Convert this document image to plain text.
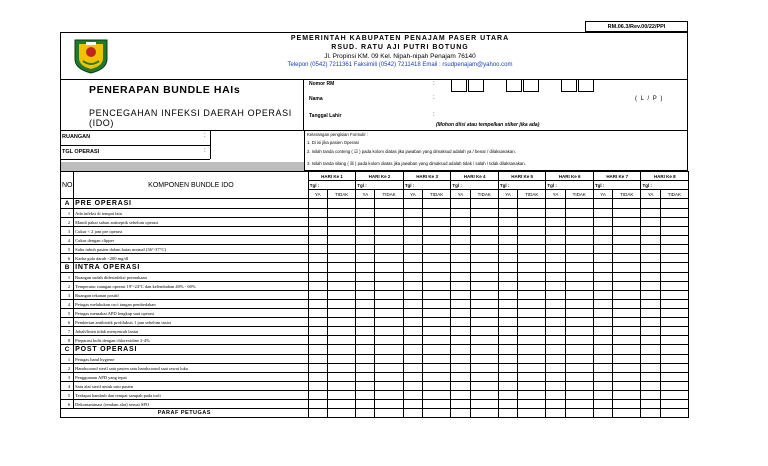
RM.06.3/Rev.00/22/PPI
PEMERINTAH KABUPATEN PENAJAM PASER UTARA
RSUD. RATU AJI PUTRI BOTUNG
Jl. Propinsi KM. 09 Kel. Nipah-nipah Penajam 76140
Telepon (0542) 7211361 Faksimili (0542) 7211418 Email : rsudpenajam@yahoo.com
PENERAPAN BUNDLE HAIs
PENCEGAHAN INFEKSI DAERAH OPERASI (IDO)
Nomor RM	:
Nama	:	( L / P )
Tanggal Lahir	:
(Mohon diisi atau tempelkan stiker jika ada)
RUANGAN	:
TGL OPERASI	:
Keterangan pengisian Formulir :
1. Di isi jika pasien Operasi
2. Isilah tanda conteng ( ☑ ) pada kolom diatas jika jawaban yang dimaksud adalah ya / benar / dilaksanakan.
3. Isilah tanda silang ( ☒ ) pada kolom diatas jika jawaban yang dimaksud adalah tidak / salah / tidak dilaksanakan.
NO	KOMPONEN BUNDLE IDO	HARI Ke 1		HARI Ke 2		HARI Ke 3		HARI Ke 4		HARI Ke 5		HARI Ke 6		HARI Ke 7		HARI Ke 8	
		Tgl :		Tgl :		Tgl :		Tgl :		Tgl :		Tgl :		Tgl :		Tgl :	
		YA	TIDAK	YA	TIDAK	YA	TIDAK	YA	TIDAK	YA	TIDAK	YA	TIDAK	YA	TIDAK	YA	TIDAK
A	PRE OPERASI																
1	Ada infeksi di tempat lain																
2	Mandi pakai sabun antiseptik sebelum operasi																
3	Cukur < 2 jam pre operasi																
4	Cukur dengan clipper																
5	Suhu tubuh pasien dalam batas normal (36°-37°C)																
6	Kadar gula darah <200 mg/dl																
B	INTRA OPERASI																
1	Ruangan sudah didesinfeksi permukaan																
2	Temperatur ruangan operasi 19°-24°C dan kelembaban 40% - 60%																
3	Ruangan tekanan positif																
4	Petugas melakukan cuci tangan pembedahan																
5	Petugas memakai APD lengkap saat operasi																
6	Pemberian antibiotik profilaksis 1 jam sebelum insisi																
7	Jubah/linen tidak menyentuh lantai																
8	Preparasi kulit dengan chlorexidine 2-4%																
C	POST OPERASI																
1	Petugas hand hygiene																
2	Handscoond steril satu pasien satu handscoond saat rawat luka																
3	Penggunaan APD yang tepat																
4	Satu alat steril untuk satu pasien																
5	Terdapat handrub dan tempat sampah pada troli																
6	Dekontaminasi (rendam alat) sesuai SPO																
PARAF PETUGAS																	
